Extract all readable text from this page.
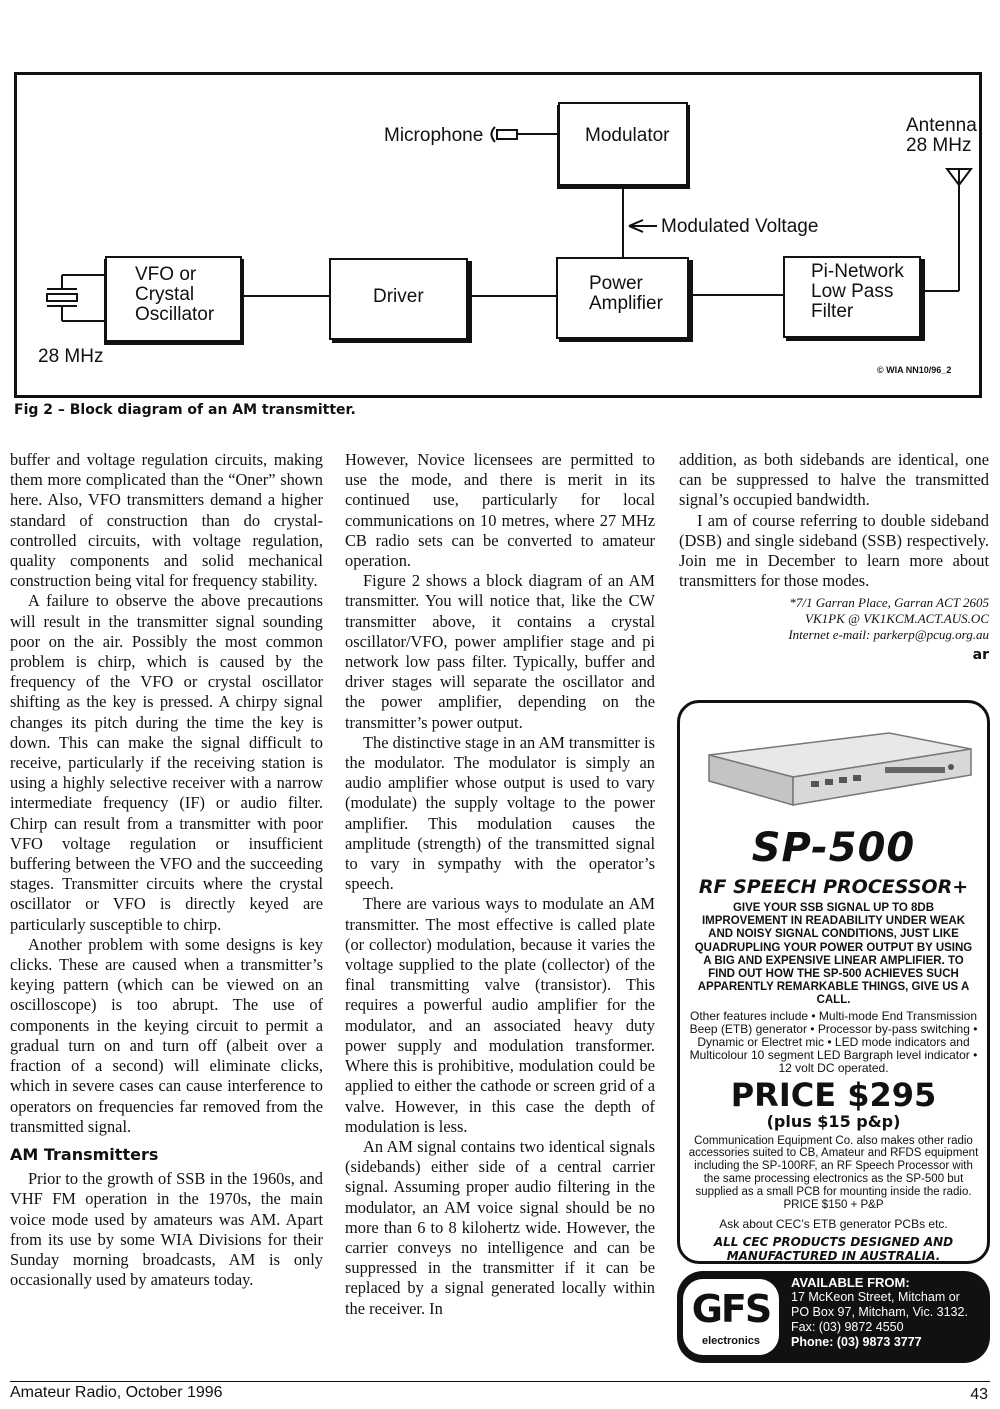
Modulator
Microphone
Modulated Voltage
Antenna
28 MHz
VFO or
Crystal
Oscillator
28 MHz
Driver
Power
Amplifier
Pi-Network
Low Pass
Filter
© WIA NN10/96_2

Fig 2 – Block diagram of an AM transmitter.

buffer and voltage regulation circuits, making them more complicated than the “Oner” shown here. Also, VFO transmitters demand a higher standard of construction than do crystal-controlled circuits, with voltage regulation, quality components and solid mechanical construction being vital for frequency stability.

A failure to observe the above precautions will result in the transmitter signal sounding poor on the air. Possibly the most common problem is chirp, which is caused by the frequency of the VFO or crystal oscillator shifting as the key is pressed. A chirpy signal changes its pitch during the time the key is down. This can make the signal difficult to receive, particularly if the receiving station is using a highly selective receiver with a narrow intermediate frequency (IF) or audio filter. Chirp can result from a transmitter with poor VFO voltage regulation or insufficient buffering between the VFO and the succeeding stages. Transmitter circuits where the crystal oscillator or VFO is directly keyed are particularly susceptible to chirp.

Another problem with some designs is key clicks. These are caused when a transmitter’s keying pattern (which can be viewed on an oscilloscope) is too abrupt. The use of components in the keying circuit to permit a gradual turn on and turn off (albeit over a fraction of a second) will eliminate clicks, which in severe cases can cause interference to operators on frequencies far removed from the transmitted signal.

AM Transmitters

Prior to the growth of SSB in the 1960s, and VHF FM operation in the 1970s, the main voice mode used by amateurs was AM. Apart from its use by some WIA Divisions for their Sunday morning broadcasts, AM is only occasionally used by amateurs today.

However, Novice licensees are permitted to use the mode, and there is merit in its continued use, particularly for local communications on 10 metres, where 27 MHz CB radio sets can be converted to amateur operation.

Figure 2 shows a block diagram of an AM transmitter. You will notice that, like the CW transmitter above, it contains a crystal oscillator/VFO, power amplifier stage and pi network low pass filter. Typically, buffer and driver stages will separate the oscillator and the power amplifier, depending on the transmitter’s power output.

The distinctive stage in an AM transmitter is the modulator. The modulator is simply an audio amplifier whose output is used to vary (modulate) the supply voltage to the power amplifier. This modulation causes the amplitude (strength) of the transmitted signal to vary in sympathy with the operator’s speech.

There are various ways to modulate an AM transmitter. The most effective is called plate (or collector) modulation, because it varies the voltage supplied to the plate (collector) of the final transmitting valve (transistor). This requires a powerful audio amplifier for the modulator, and an associated heavy duty power supply and modulation transformer. Where this is prohibitive, modulation could be applied to either the cathode or screen grid of a valve. However, in this case the depth of modulation is less.

An AM signal contains two identical signals (sidebands) either side of a central carrier signal. Assuming proper audio filtering in the modulator, an AM voice signal should be no more than 6 to 8 kilohertz wide. However, the carrier conveys no intelligence and can be suppressed in the transmitter if it can be replaced by a signal generated locally within the receiver. In

addition, as both sidebands are identical, one can be suppressed to halve the transmitted signal’s occupied bandwidth.

I am of course referring to double sideband (DSB) and single sideband (SSB) respectively. Join me in December to learn more about transmitters for those modes.

*7/1 Garran Place, Garran ACT 2605
VK1PK @ VK1KCM.ACT.AUS.OC
Internet e-mail: parkerp@pcug.org.au
ar
SP-500
RF SPEECH PROCESSOR+
GIVE YOUR SSB SIGNAL UP TO 8DB IMPROVEMENT IN READABILITY UNDER WEAK AND NOISY SIGNAL CONDITIONS, JUST LIKE QUADRUPLING YOUR POWER OUTPUT BY USING A BIG AND EXPENSIVE LINEAR AMPLIFIER. TO FIND OUT HOW THE SP-500 ACHIEVES SUCH APPARENTLY REMARKABLE THINGS, GIVE US A CALL.
Other features include • Multi-mode End Transmission Beep (ETB) generator • Processor by-pass switching • Dynamic or Electret mic • LED mode indicators and Multicolour 10 segment LED Bargraph level indicator • 12 volt DC operated.
PRICE $295
(plus $15 p&p)
Communication Equipment Co. also makes other radio accessories suited to CB, Amateur and RFDS equipment including the SP-100RF, an RF Speech Processor with the same processing electronics as the SP-500 but supplied as a small PCB for mounting inside the radio. PRICE $150 + P&P
Ask about CEC’s ETB generator PCBs etc.
ALL CEC PRODUCTS DESIGNED AND MANUFACTURED IN AUSTRALIA.
GFS
electronics
AVAILABLE FROM:
17 McKeon Street, Mitcham or
PO Box 97, Mitcham, Vic. 3132.
Fax: (03) 9872 4550
Phone: (03) 9873 3777
Amateur Radio, October 1996	43
